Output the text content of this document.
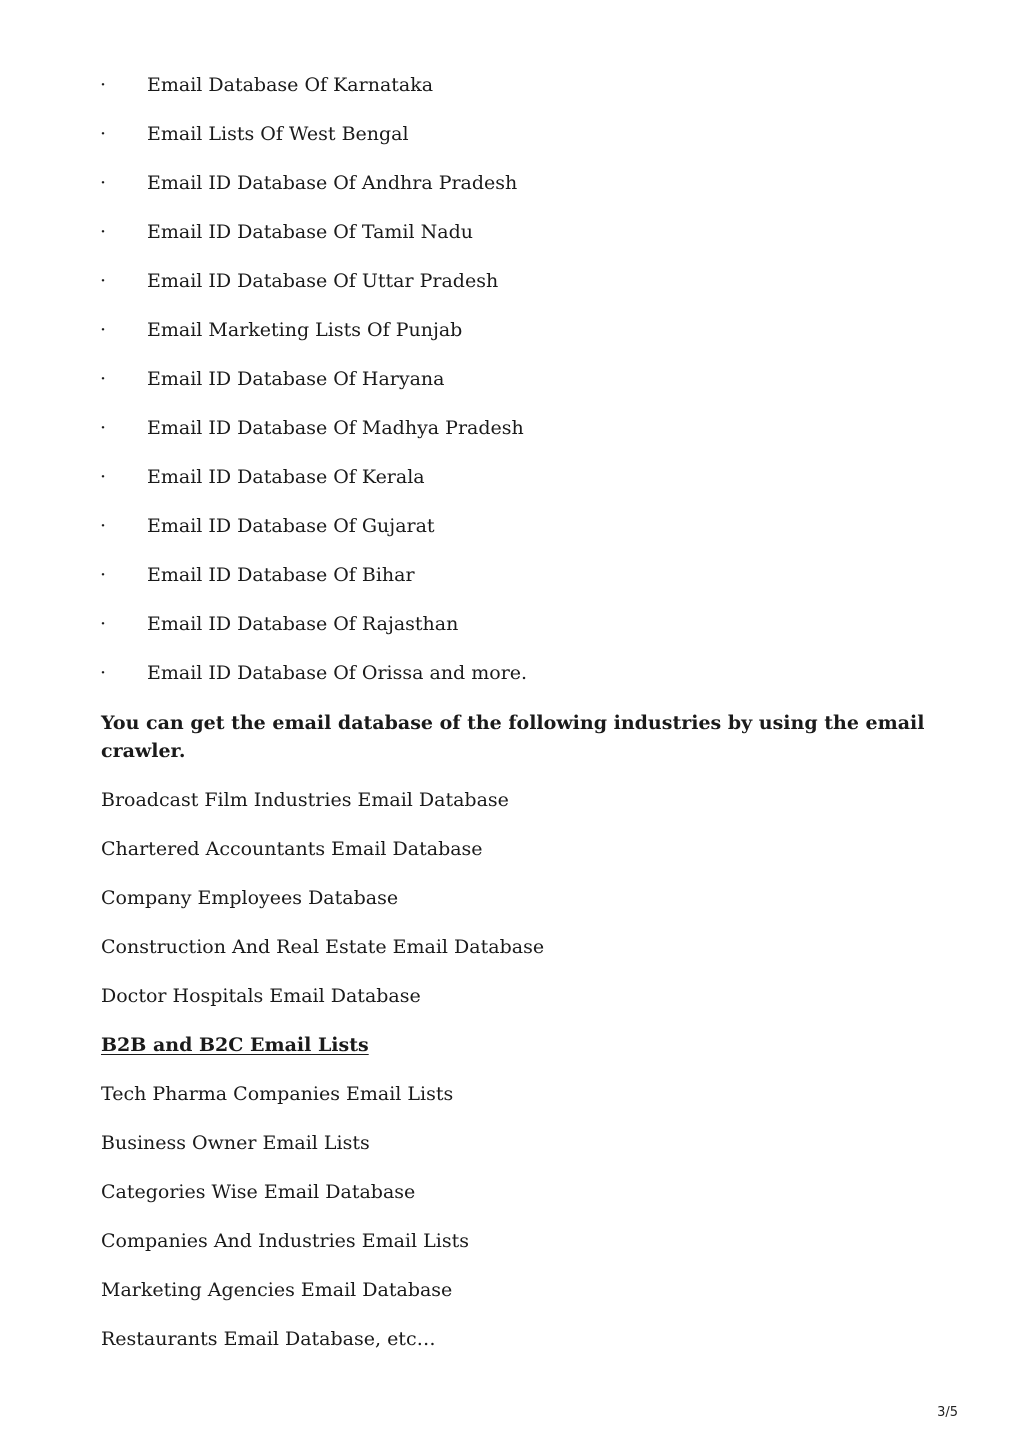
·	Email Database Of Karnataka
·	Email Lists Of West Bengal
·	Email ID Database Of Andhra Pradesh
·	Email ID Database Of Tamil Nadu
·	Email ID Database Of Uttar Pradesh
·	Email Marketing Lists Of Punjab
·	Email ID Database Of Haryana
·	Email ID Database Of Madhya Pradesh
·	Email ID Database Of Kerala
·	Email ID Database Of Gujarat
·	Email ID Database Of Bihar
·	Email ID Database Of Rajasthan
·	Email ID Database Of Orissa and more.

You can get the email database of the following industries by using the email crawler.

Broadcast Film Industries Email Database
Chartered Accountants Email Database
Company Employees Database
Construction And Real Estate Email Database
Doctor Hospitals Email Database

B2B and B2C Email Lists

Tech Pharma Companies Email Lists
Business Owner Email Lists
Categories Wise Email Database
Companies And Industries Email Lists
Marketing Agencies Email Database
Restaurants Email Database, etc…
3/5
